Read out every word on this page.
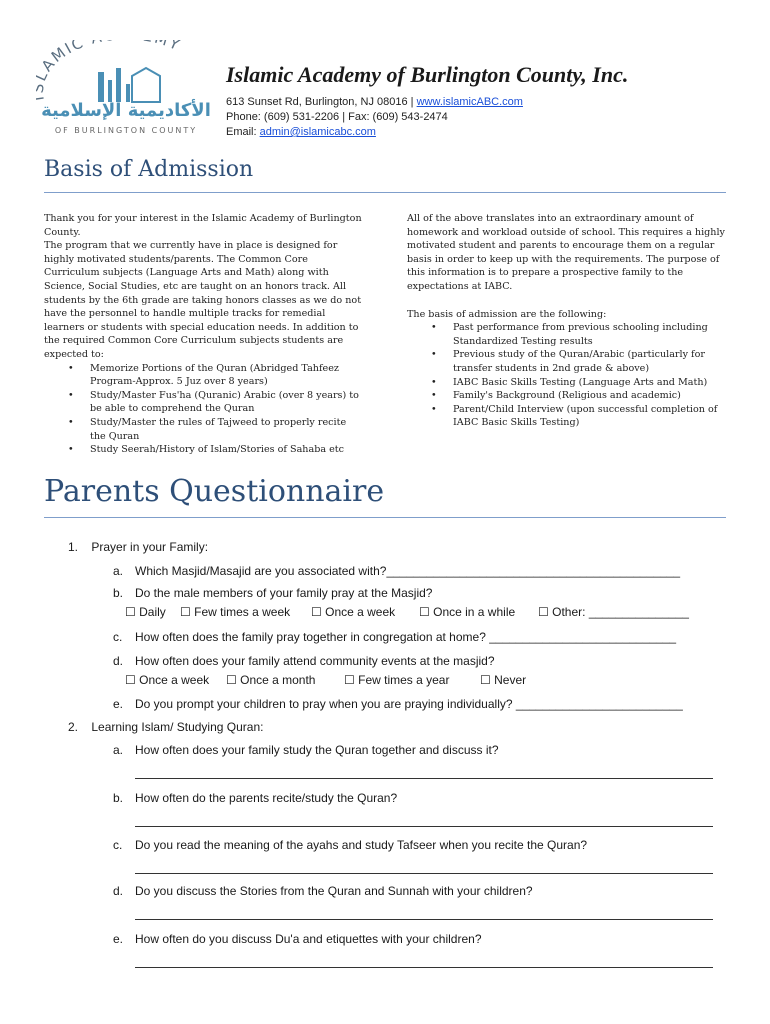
AMIC Y
الأكاديمية الإسلامية
OF BURLINGTON COUNTY
Islamic Academy of Burlington County, Inc.
613 Sunset Rd, Burlington, NJ 08016 | www.islamicABC.com
Phone: (609) 531-2206 | Fax: (609) 543-2474
Email: admin@islamicabc.com
Basis of Admission

Thank you for your interest in the Islamic Academy of Burlington County.

The program that we currently have in place is designed for highly motivated students/parents. The Common Core Curriculum subjects (Language Arts and Math) along with Science, Social Studies, etc are taught on an honors track. All students by the 6th grade are taking honors classes as we do not have the personnel to handle multiple tracks for remedial learners or students with special education needs. In addition to the required Common Core Curriculum subjects students are expected to:

• Memorize Portions of the Quran (Abridged Tahfeez Program-Approx. 5 Juz over 8 years)
• Study/Master Fus'ha (Quranic) Arabic (over 8 years) to be able to comprehend the Quran
• Study/Master the rules of Tajweed to properly recite the Quran
• Study Seerah/History of Islam/Stories of Sahaba etc

All of the above translates into an extraordinary amount of homework and workload outside of school. This requires a highly motivated student and parents to encourage them on a regular basis in order to keep up with the requirements. The purpose of this information is to prepare a prospective family to the expectations at IABC.

The basis of admission are the following:

• Past performance from previous schooling including Standardized Testing results
• Previous study of the Quran/Arabic (particularly for transfer students in 2nd grade & above)
• IABC Basic Skills Testing (Language Arts and Math)
• Family's Background (Religious and academic)
• Parent/Child Interview (upon successful completion of IABC Basic Skills Testing)
Parents Questionnaire
1. Prayer in your Family:
a. Which Masjid/Masajid are you associated with?____________________________________________
b. Do the male members of your family pray at the Masjid?
☐ Daily ☐ Few times a week ☐ Once a week ☐ Once in a while ☐ Other: _______________
c. How often does the family pray together in congregation at home? ____________________________
d. How often does your family attend community events at the masjid?
☐ Once a week ☐ Once a month ☐ Few times a year	☐ Never
e. Do you prompt your children to pray when you are praying individually? _________________________
2. Learning Islam/ Studying Quran:
a. How often does your family study the Quran together and discuss it?
b. How often do the parents recite/study the Quran?
c. Do you read the meaning of the ayahs and study Tafseer when you recite the Quran?
d. Do you discuss the Stories from the Quran and Sunnah with your children?
e. How often do you discuss Du'a and etiquettes with your children?
